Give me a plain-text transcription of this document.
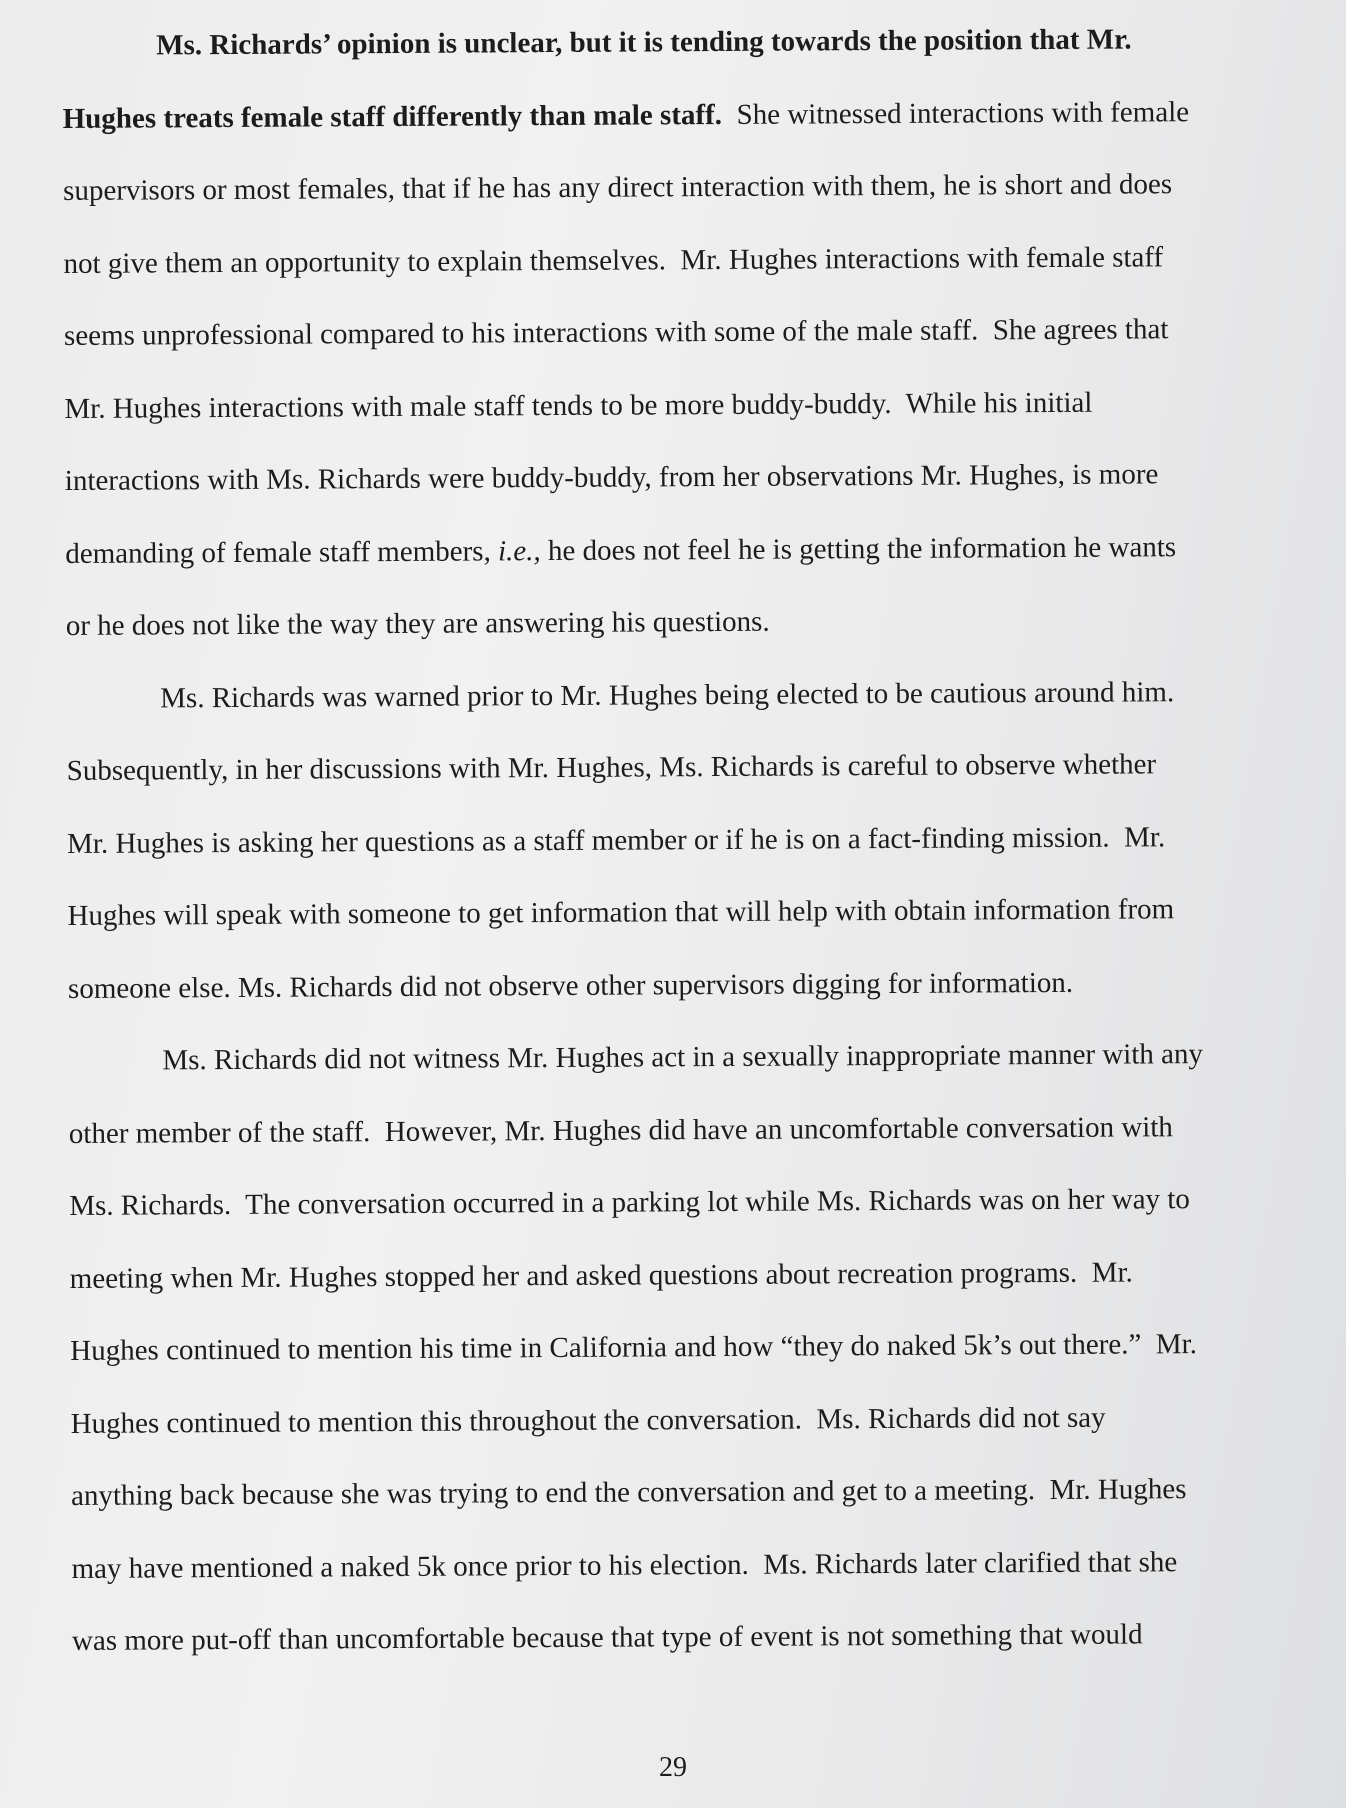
Ms. Richards’ opinion is unclear, but it is tending towards the position that Mr.
Hughes treats female staff differently than male staff.  She witnessed interactions with female
supervisors or most females, that if he has any direct interaction with them, he is short and does
not give them an opportunity to explain themselves.  Mr. Hughes interactions with female staff
seems unprofessional compared to his interactions with some of the male staff.  She agrees that
Mr. Hughes interactions with male staff tends to be more buddy-buddy.  While his initial
interactions with Ms. Richards were buddy-buddy, from her observations Mr. Hughes, is more
demanding of female staff members, i.e., he does not feel he is getting the information he wants
or he does not like the way they are answering his questions.
Ms. Richards was warned prior to Mr. Hughes being elected to be cautious around him.
Subsequently, in her discussions with Mr. Hughes, Ms. Richards is careful to observe whether
Mr. Hughes is asking her questions as a staff member or if he is on a fact-finding mission.  Mr.
Hughes will speak with someone to get information that will help with obtain information from
someone else. Ms. Richards did not observe other supervisors digging for information.
Ms. Richards did not witness Mr. Hughes act in a sexually inappropriate manner with any
other member of the staff.  However, Mr. Hughes did have an uncomfortable conversation with
Ms. Richards.  The conversation occurred in a parking lot while Ms. Richards was on her way to
meeting when Mr. Hughes stopped her and asked questions about recreation programs.  Mr.
Hughes continued to mention his time in California and how “they do naked 5k’s out there.”  Mr.
Hughes continued to mention this throughout the conversation.  Ms. Richards did not say
anything back because she was trying to end the conversation and get to a meeting.  Mr. Hughes
may have mentioned a naked 5k once prior to his election.  Ms. Richards later clarified that she
was more put-off than uncomfortable because that type of event is not something that would
29
